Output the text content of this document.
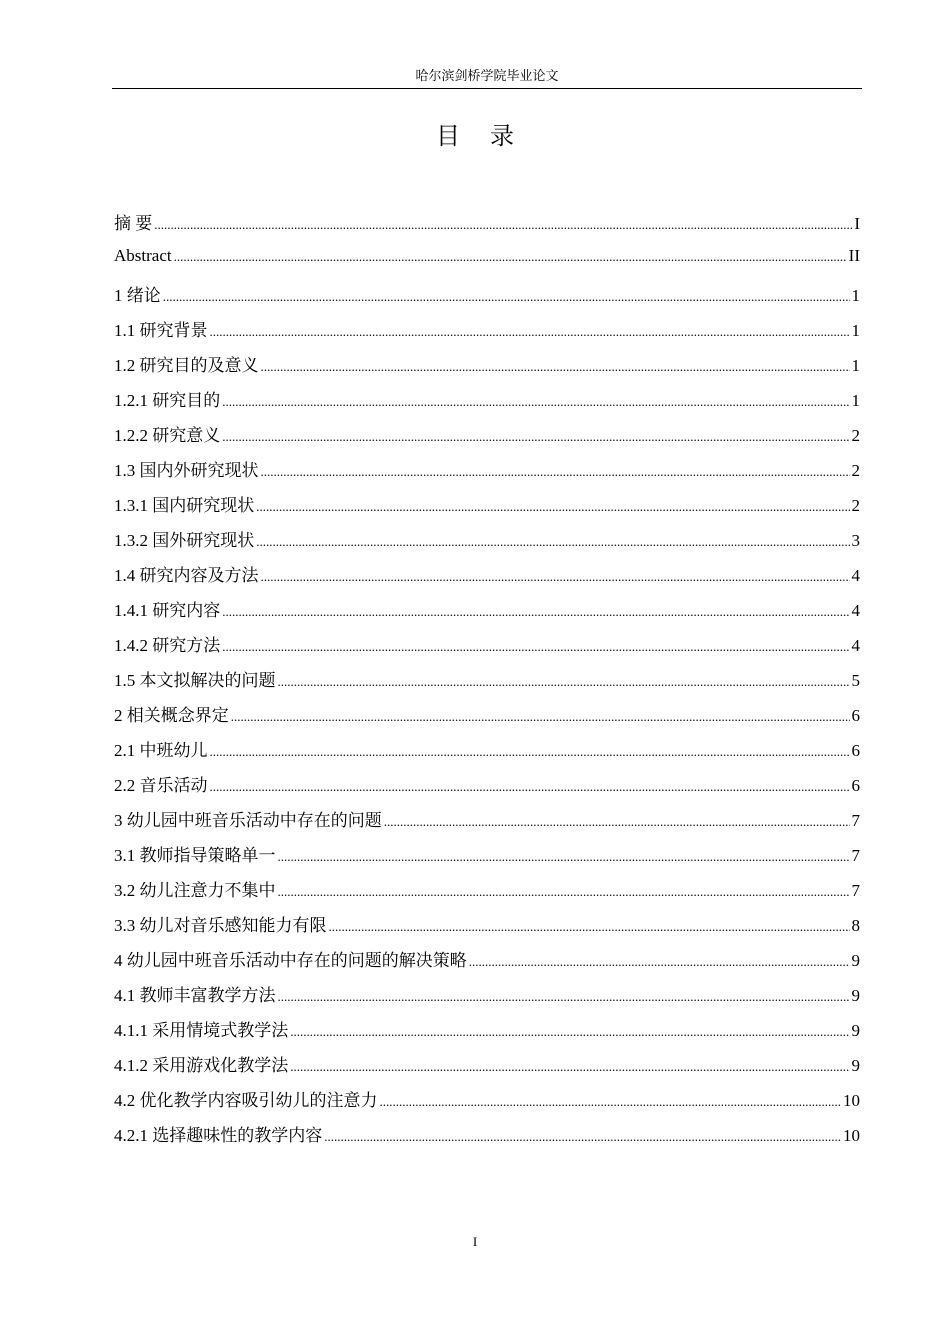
哈尔滨剑桥学院毕业论文
目录
摘 要 .....	I
Abstract .....	II
1 绪论 .....	1
1.1 研究背景 .....	1
1.2 研究目的及意义 .....	1
1.2.1 研究目的 .....	1
1.2.2 研究意义 .....	2
1.3 国内外研究现状 .....	2
1.3.1 国内研究现状 .....	2
1.3.2 国外研究现状 .....	3
1.4 研究内容及方法 .....	4
1.4.1 研究内容 .....	4
1.4.2 研究方法 .....	4
1.5 本文拟解决的问题 .....	5
2 相关概念界定 .....	6
2.1 中班幼儿 .....	6
2.2 音乐活动 .....	6
3 幼儿园中班音乐活动中存在的问题 .....	7
3.1 教师指导策略单一 .....	7
3.2 幼儿注意力不集中 .....	7
3.3 幼儿对音乐感知能力有限 .....	8
4 幼儿园中班音乐活动中存在的问题的解决策略 .....	9
4.1 教师丰富教学方法 .....	9
4.1.1 采用情境式教学法 .....	9
4.1.2 采用游戏化教学法 .....	9
4.2 优化教学内容吸引幼儿的注意力 .....	10
4.2.1 选择趣味性的教学内容 .....	10
I
